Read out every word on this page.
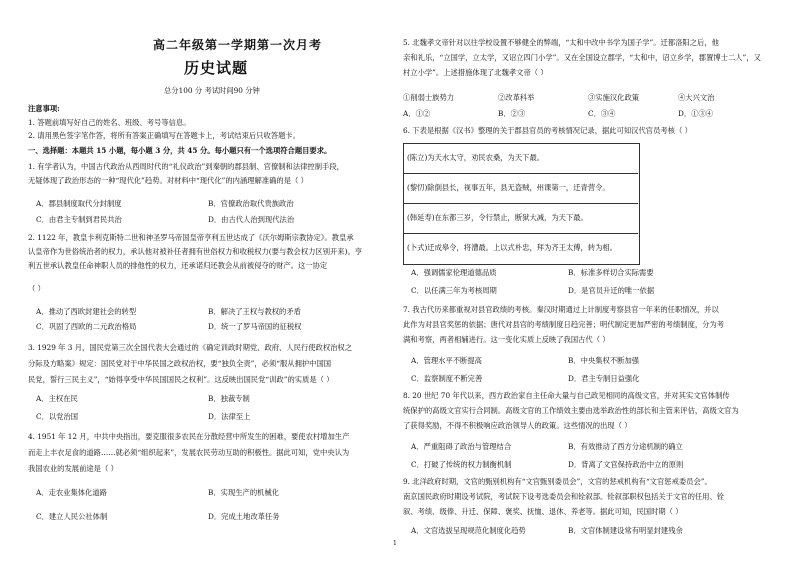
高二年级第一学期第一次月考
历史试题
总分100 分 考试时间90 分钟
注意事项:
1. 答题前填写好自己的姓名、班级、考号等信息。
2. 请用黑色签字笔作答，将所有答案正确填写在答题卡上，考试结束后只收答题卡。
一、选择题：本题共 15 小题，每小题 3 分，共 45 分。每小题只有一个选项符合题目要求。
1. 有学者认为，中国古代政治从西周时代的“礼仪政治”到秦朝的郡县制、官僚制和法律控制手段，
无疑体现了政治形态的一种“现代化”趋势。对材料中“现代化”的内涵理解准确的是（ ）
A．郡县制度取代分封制度	B．官僚政治取代贵族政治
C．由君主专制到君民共治	D．由古代人治到现代法治
2. 1122 年，教皇卡利克斯特二世和神圣罗马帝国皇帝亨利五世达成了《沃尔姆斯宗教协定》。教皇承
认皇帝作为世俗统治者的权力，承认他对被补任者拥有世俗权力和收税权力(要与教会权力区别开来)。亨
利五世承认教皇任命神职人员的排他性的权力，还承诺归还教会从前被侵夺的财产。这一协定
（ ）
A．推动了西欧封建社会的转型	B．解决了王权与教权的矛盾
C．巩固了西欧的二元政治格局	D．统一了罗马帝国的征税权
3. 1929 年 3 月，国民党第三次全国代表大会通过的《确定训政时期党、政府、人民行使政权治权之
分际及方略案》规定：国民党对于中华民国之政权治权，要“独负全责”，必须“服从拥护中国国
民党，誓行三民主义”，“始得享受中华民国国民之权利”。这反映出国民党“训政”的实质是（ ）
A．主权在民	B．独裁专制
C．以党治国	D．法律至上
4. 1951 年 12 月，中共中央指出，要克服很多农民在分散经营中所发生的困难，要使农村增加生产
而走上丰衣足食的道路……就必须“组织起来”，发展农民劳动互助的积极性。据此可知，党中央认为
我国农业的发展前途是（ ）
A．走农业集体化道路	B．实现生产的机械化
C．建立人民公社体制	D．完成土地改革任务
5. 北魏孝文帝针对以往学校设置不够健全的弊端，“太和中改中书学为国子学”。迁都洛阳之后，他
亲和礼乐，“立国学，立太学，又诏立四门小学”。又在全国设立郡学，“太和中，诏立乡学，郡置博士二人”，又
村立小学”。上述措施体现了北魏孝文帝（ ）
①削弱士族势力	②改革科举	③实施汉化政策	④大兴文治
A．①②	B．②③	C．③④	D．①③④
6. 下表是根据《汉书》整理的关于郡县官员的考核情况记录，据此可知汉代官员考核（ ）
(陈立)为天水太守，劝民农桑，为天下最。
(黎忉)除倒县长，视事五年，县无盗贼，州课第一，迁青营令。
(韩延寿)在东都三岁，令行禁止，断狱大减，为天下最。
(卜式)迁成皋令，将漕最。上以式朴忠，拜为齐王太傅，转为相。
A．强调儒家伦理道德品质	B．标准多样切合实际需要
C．以任满三年为考核周期	D．是官员升迁的唯一依据
7. 我古代历来都重视对县官政绩的考核。秦汉时期通过上计制度考察县官一年来的任职情况，并以
此作为对县官奖惩的依据；唐代对县官的考绩制度日趋完善；明代制定更加严密的考绩制度，分为考
满和考察，两者相辅进行。这一变化实质上反映了我国古代（ ）
A．管理水平不断提高	B．中央集权不断加强
C．监察制度不断完善	D．君主专制日益强化
8. 20 世纪 70 年代以来，西方政治家自主任命大量与自己政见相同的高级文官，并对其实文官体制传
统保护的高级文官实行合同制。高级文官的工作绩效主要由选举政治性的部长和主管来评估，高级文官为
了获得奖励，不得不积极响应政治领导人的政策。这些情况的出现（ ）
A．严重阻碍了政治与管理结合	B．有效推动了西方分途机制的确立
C．打破了传统的权力制衡机制	D．背离了文官保持政治中立的原则
9. 北洋政府时期，文官的甄别机构有“文官甄别委员会”，文官的惩戒机构有“文官惩戒委员会”。
南京国民政府时期设考试院，考试院下设考选委员会和铨叙部。铨叙部职权包括关于文官的任用、铨
叙、考绩、级俸、升迁、保障、褒奖、抚恤、退休、养老等。据此可知，民国时期（ ）
A．文官选拔呈现规范化制度化趋势	B．文官体制建设常有明显封建残余
1
